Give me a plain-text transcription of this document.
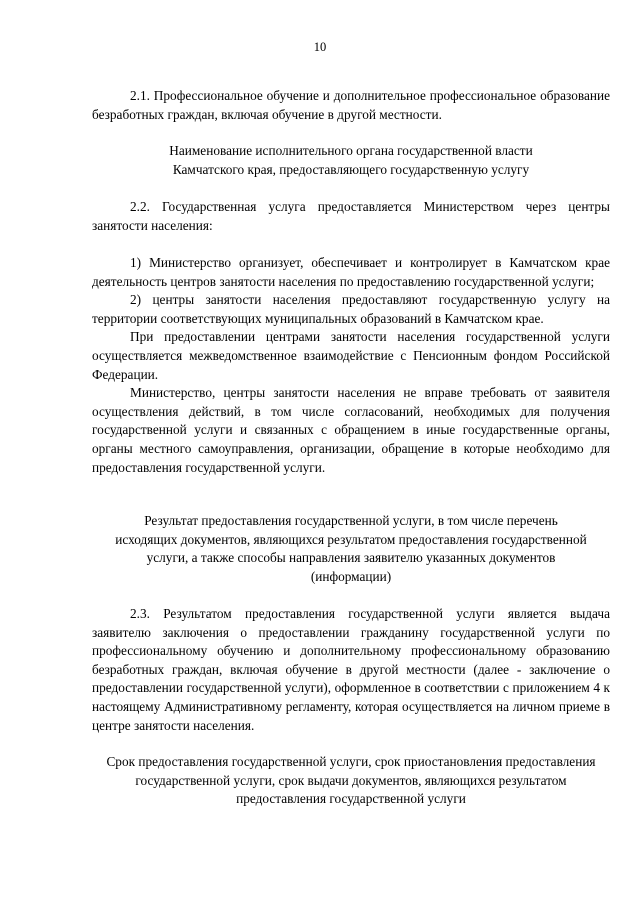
10

2.1. Профессиональное обучение и дополнительное профессиональное образование безработных граждан, включая обучение в другой местности.

Наименование исполнительного органа государственной власти Камчатского края, предоставляющего государственную услугу

2.2. Государственная услуга предоставляется Министерством через центры занятости населения:

1) Министерство организует, обеспечивает и контролирует в Камчатском крае деятельность центров занятости населения по предоставлению государственной услуги;

2) центры занятости населения предоставляют государственную услугу на территории соответствующих муниципальных образований в Камчатском крае.

При предоставлении центрами занятости населения государственной услуги осуществляется межведомственное взаимодействие с Пенсионным фондом Российской Федерации.

Министерство, центры занятости населения не вправе требовать от заявителя осуществления действий, в том числе согласований, необходимых для получения государственной услуги и связанных с обращением в иные государственные органы, органы местного самоуправления, организации, обращение в которые необходимо для предоставления государственной услуги.

Результат предоставления государственной услуги, в том числе перечень исходящих документов, являющихся результатом предоставления государственной услуги, а также способы направления заявителю указанных документов (информации)

2.3. Результатом предоставления государственной услуги является выдача заявителю заключения о предоставлении гражданину государственной услуги по профессиональному обучению и дополнительному профессиональному образованию безработных граждан, включая обучение в другой местности (далее - заключение о предоставлении государственной услуги), оформленное в соответствии с приложением 4 к настоящему Административному регламенту, которая осуществляется на личном приеме в центре занятости населения.

Срок предоставления государственной услуги, срок приостановления предоставления государственной услуги, срок выдачи документов, являющихся результатом предоставления государственной услуги
